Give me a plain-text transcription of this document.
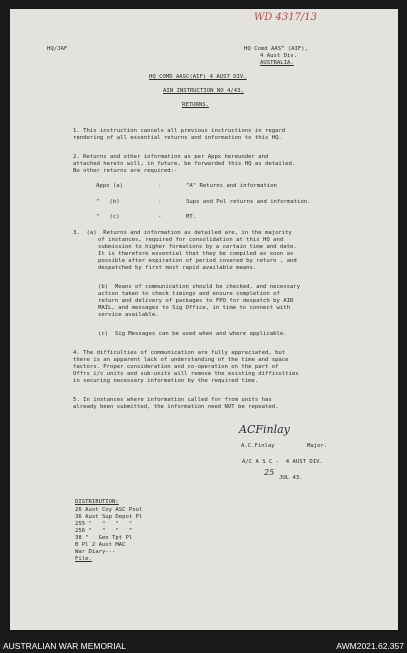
WD 4317/13
HQ/JAF	HQ Comd AAS™ (AIF),
4 Aust Div.
AUSTRALIA.
HQ COMD AASC(AIF) 4 AUST DIV.
AIN INSTRUCTION NO 4/43.
RETURNS.
1. This instruction cancels all previous instructions in regard
rendering of all essential returns and information to this HQ.
2. Returns and other information as per Appx hereunder and
attached hereto will, in future, be forwarded this HQ as detailed.
No other returns are required:-
Appx (a)	-	"A" Returns and information
"   (b)	-	Sups and Pol returns and information.
"   (c)	-	MT.
3.  (a)  Returns and information as detailed are, in the majority
of instances, required for consolidation at this HQ and
submission to higher formations by a certain time and date.
It is therefore essential that they be compiled as soon as
possible after expiration of period covered by return , and
despatched by first most rapid available means.
(b)  Means of communication should be checked, and necessary
action taken to check timings and ensure completion of
return and delivery of packages to FPO for despatch by AIR
MAIL, and messages to Sig Office, in time to connect with
service available.
(c)  Sig Messages can be used when and where applicable.
4. The difficulties of communication are fully appreciated, but
there is an apparent lack of understanding of the time and space
factors. Proper consideration and co-operation on the part of
Offrs i/c units and sub-units will remove the existing difficulties
in securing necessary information by the required time.
5. In instances where information called for from units has
already been submitted, the information need NOT be repeated.
ACFinlay
A.C.Finlay	Major.
A/C A S C -  4 AUST DIV.
25
JUL 43.
DISTRIBUTION:
26 Aust Coy ASC Pool
36 Aust Sup Depot Pl
255 "   "   "   "
256 "   "   "   "
38 "   Gen Tpt Pl
B Pl 2 Aust MAC
War Diary---
File.
AUSTRALIAN WAR MEMORIAL	AWM2021.62.357
